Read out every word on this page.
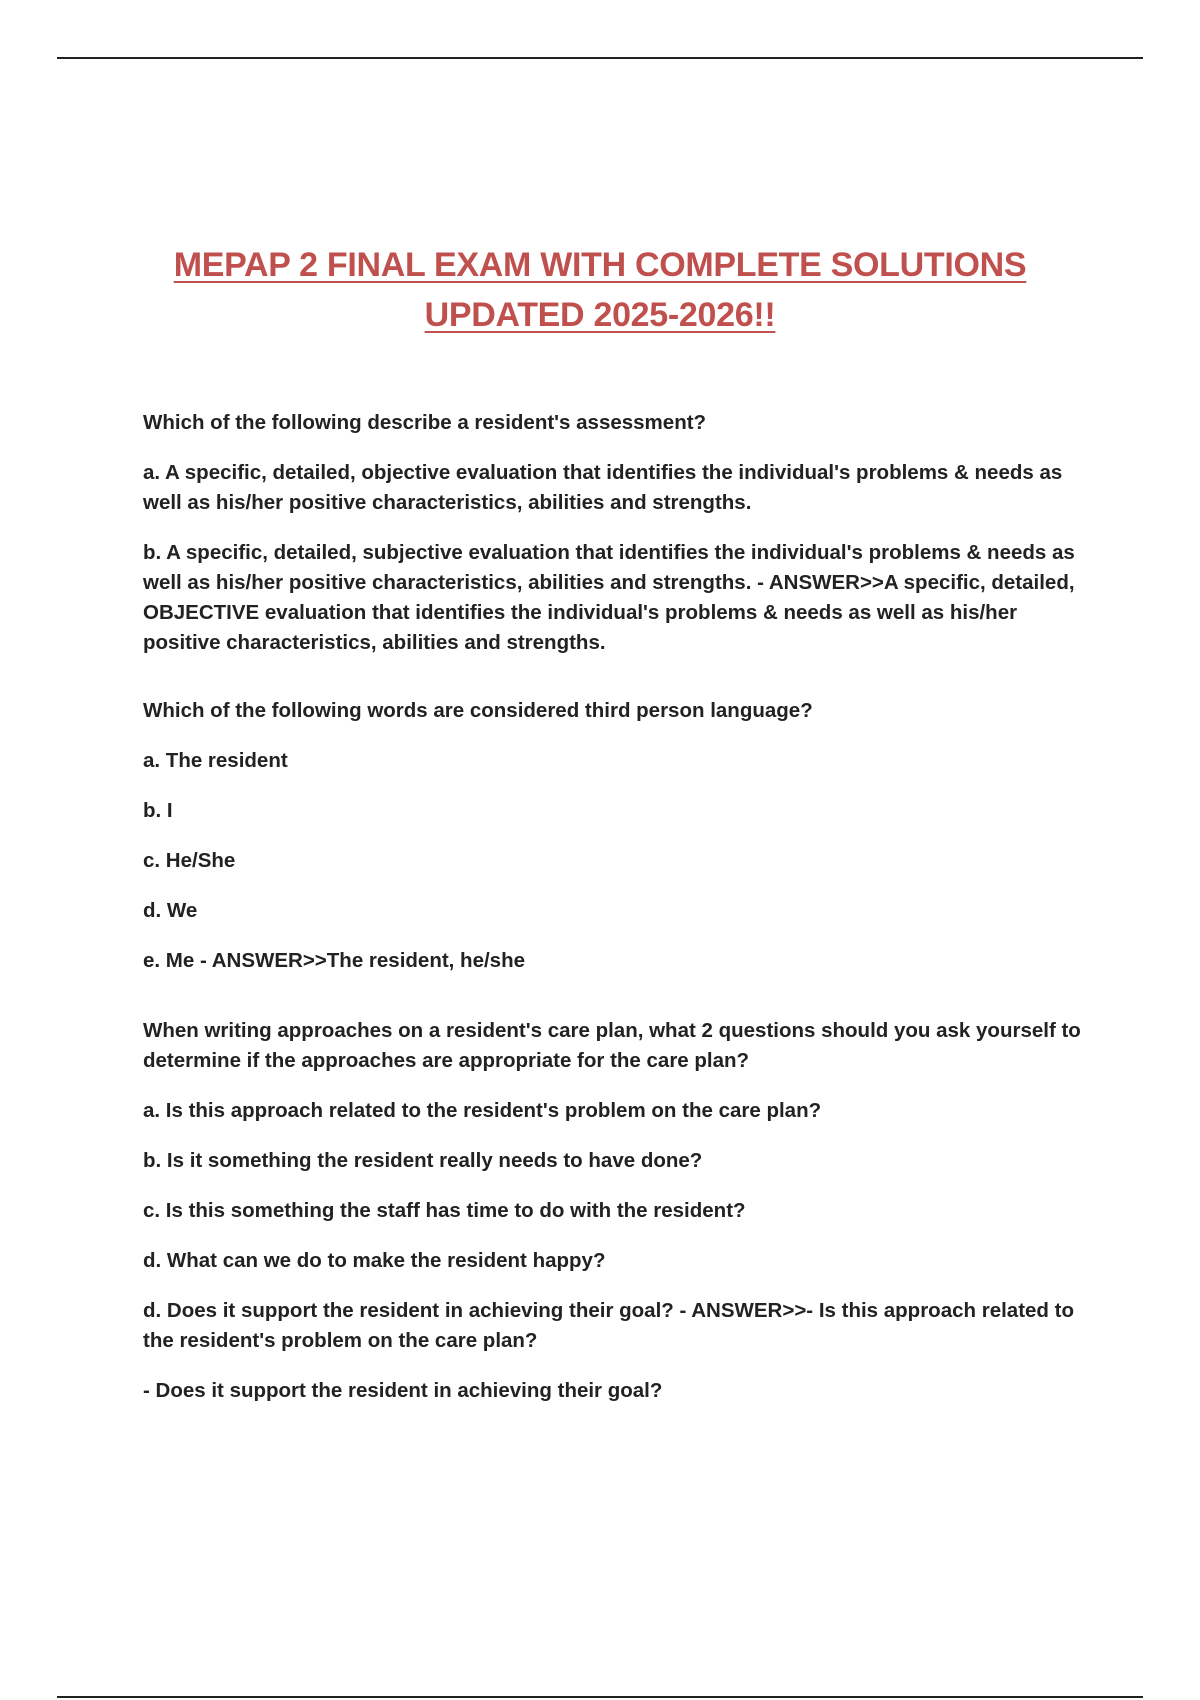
MEPAP 2 FINAL EXAM WITH COMPLETE SOLUTIONS
UPDATED 2025-2026!!

Which of the following describe a resident's assessment?

a. A specific, detailed, objective evaluation that identifies the individual's problems & needs as well as his/her positive characteristics, abilities and strengths.

b. A specific, detailed, subjective evaluation that identifies the individual's problems & needs as well as his/her positive characteristics, abilities and strengths. - ANSWER>>A specific, detailed, OBJECTIVE evaluation that identifies the individual's problems & needs as well as his/her positive characteristics, abilities and strengths.

Which of the following words are considered third person language?

a. The resident

b. I

c. He/She

d. We

e. Me - ANSWER>>The resident, he/she

When writing approaches on a resident's care plan, what 2 questions should you ask yourself to determine if the approaches are appropriate for the care plan?

a. Is this approach related to the resident's problem on the care plan?

b. Is it something the resident really needs to have done?

c. Is this something the staff has time to do with the resident?

d. What can we do to make the resident happy?

d. Does it support the resident in achieving their goal? - ANSWER>>- Is this approach related to the resident's problem on the care plan?

- Does it support the resident in achieving their goal?
